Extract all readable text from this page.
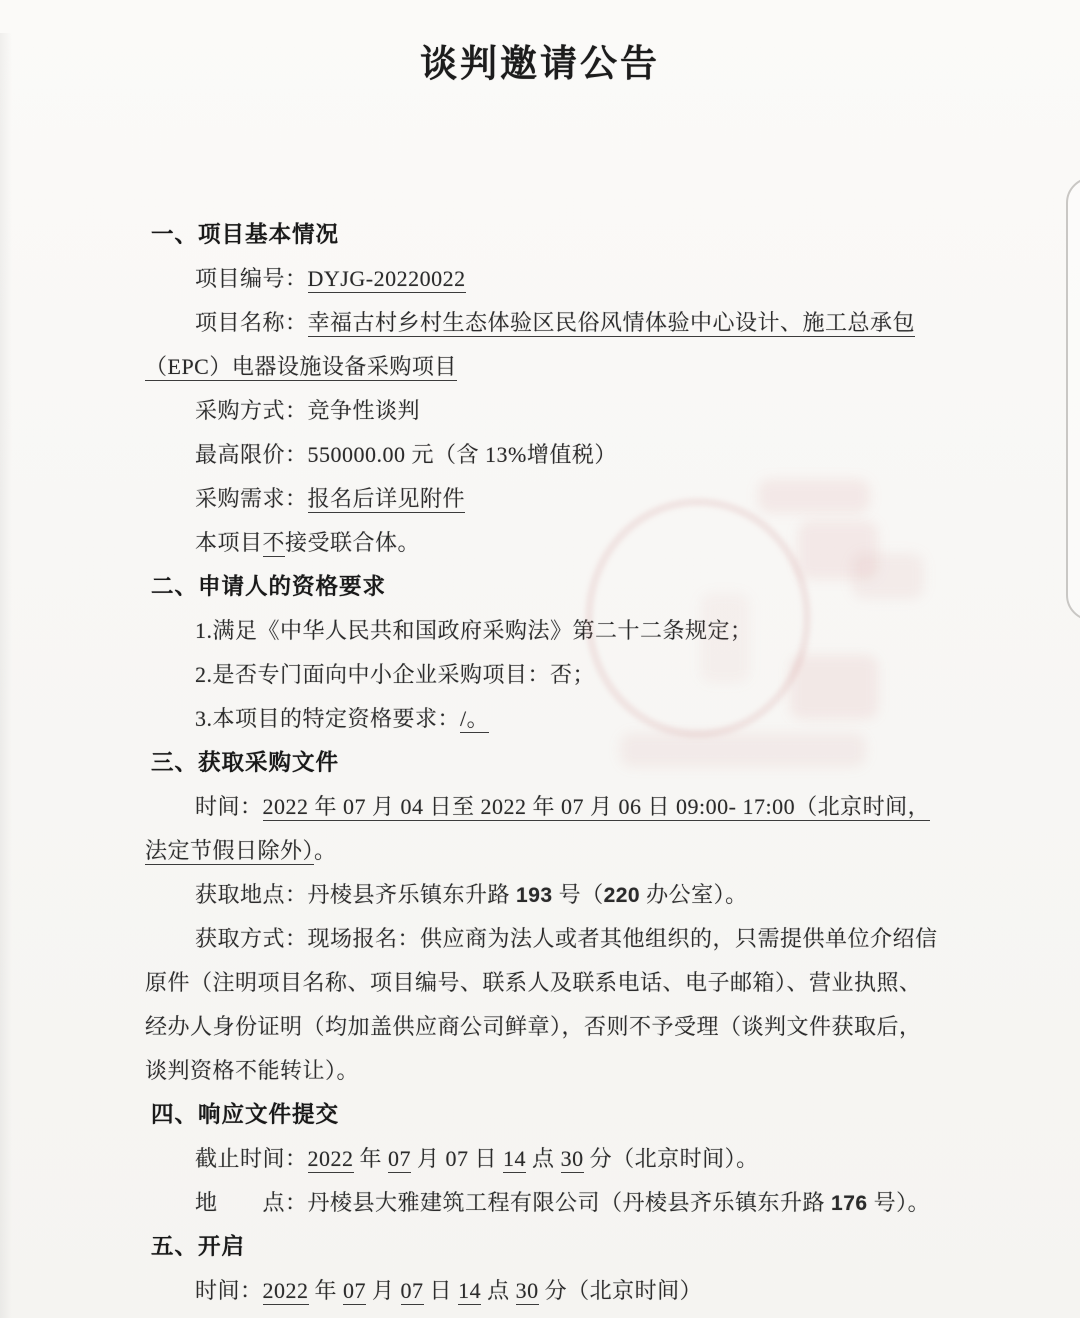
谈判邀请公告

一、项目基本情况

项目编号：DYJG-20220022

项目名称：幸福古村乡村生态体验区民俗风情体验中心设计、施工总承包

（EPC）电器设施设备采购项目

采购方式：竞争性谈判

最高限价：550000.00 元（含 13%增值税）

采购需求：报名后详见附件

本项目不接受联合体。

二、申请人的资格要求

1.满足《中华人民共和国政府采购法》第二十二条规定；

2.是否专门面向中小企业采购项目：否；

3.本项目的特定资格要求：/。

三、获取采购文件

时间：2022 年 07 月 04 日至 2022 年 07 月 06 日 09:00- 17:00（北京时间，

法定节假日除外）。

获取地点：丹棱县齐乐镇东升路 193 号（220 办公室）。

获取方式：现场报名：供应商为法人或者其他组织的，只需提供单位介绍信

原件（注明项目名称、项目编号、联系人及联系电话、电子邮箱）、营业执照、

经办人身份证明（均加盖供应商公司鲜章），否则不予受理（谈判文件获取后，

谈判资格不能转让）。

四、响应文件提交

截止时间：2022 年 07 月 07 日 14 点 30 分（北京时间）。

地　　点：丹棱县大雅建筑工程有限公司（丹棱县齐乐镇东升路 176 号）。

五、开启

时间：2022 年 07 月 07 日 14 点 30 分（北京时间）
